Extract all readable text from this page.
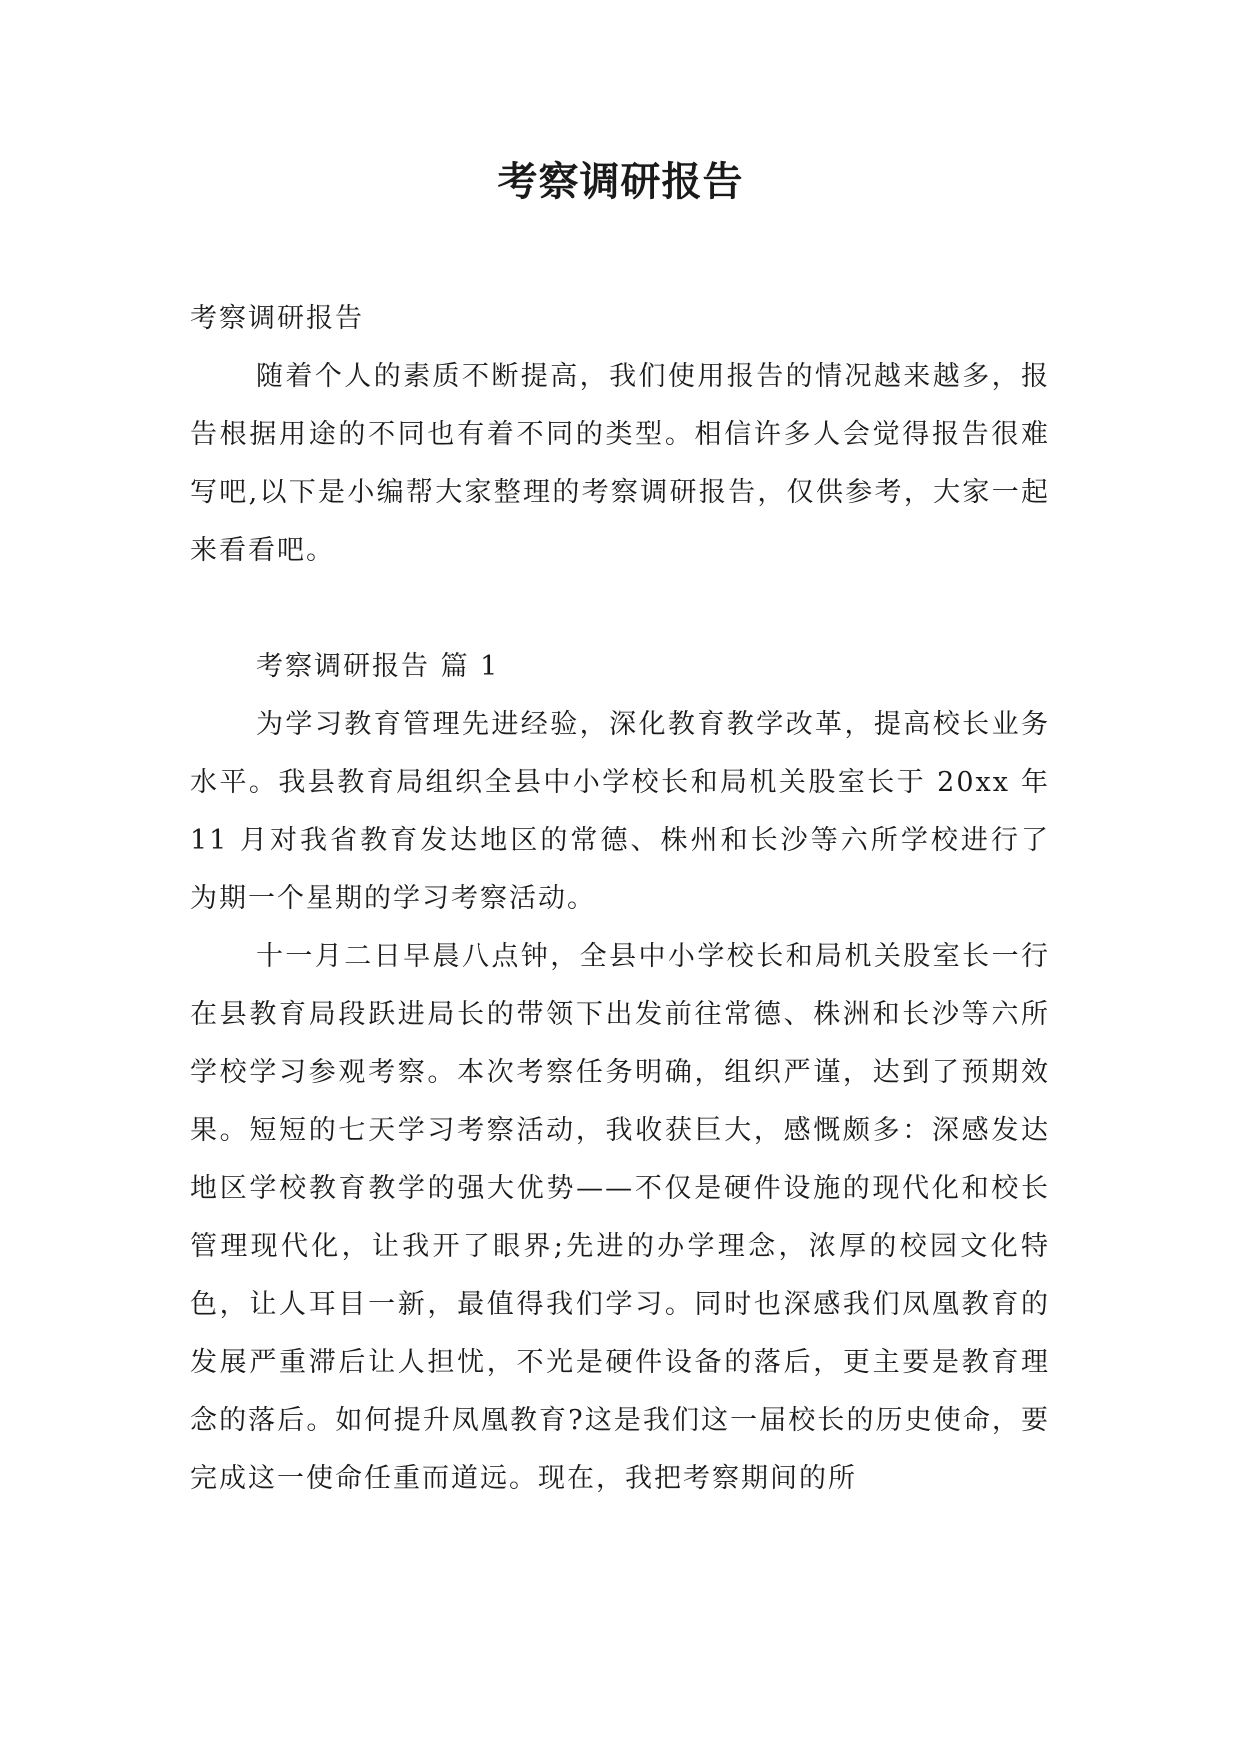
考察调研报告

考察调研报告

随着个人的素质不断提高，我们使用报告的情况越来越多，报告根据用途的不同也有着不同的类型。相信许多人会觉得报告很难写吧,以下是小编帮大家整理的考察调研报告，仅供参考，大家一起来看看吧。

考察调研报告 篇 1

为学习教育管理先进经验，深化教育教学改革，提高校长业务水平。我县教育局组织全县中小学校长和局机关股室长于 20xx 年 11 月对我省教育发达地区的常德、株州和长沙等六所学校进行了为期一个星期的学习考察活动。

十一月二日早晨八点钟，全县中小学校长和局机关股室长一行在县教育局段跃进局长的带领下出发前往常德、株洲和长沙等六所学校学习参观考察。本次考察任务明确，组织严谨，达到了预期效果。短短的七天学习考察活动，我收获巨大，感慨颇多：深感发达地区学校教育教学的强大优势——不仅是硬件设施的现代化和校长管理现代化，让我开了眼界;先进的办学理念，浓厚的校园文化特色，让人耳目一新，最值得我们学习。同时也深感我们凤凰教育的发展严重滞后让人担忧，不光是硬件设备的落后，更主要是教育理念的落后。如何提升凤凰教育?这是我们这一届校长的历史使命，要完成这一使命任重而道远。现在，我把考察期间的所
